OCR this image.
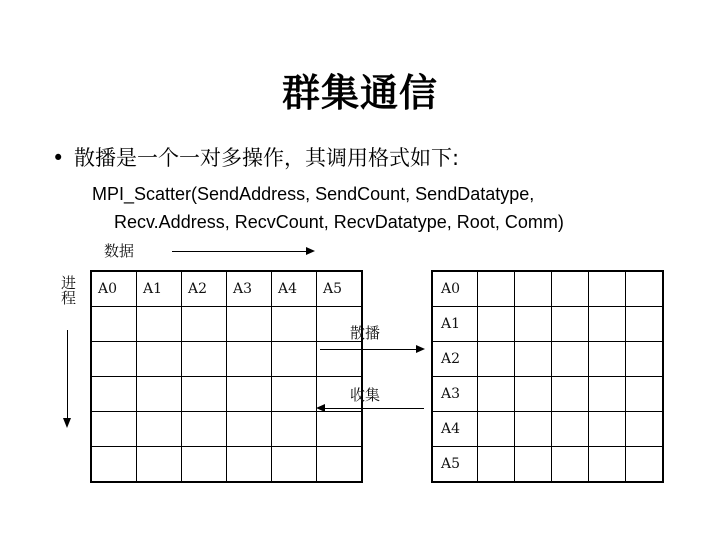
群集通信
• 散播是一个一对多操作，其调用格式如下:
MPI_Scatter(SendAddress, SendCount, SendDatatype,
Recv.Address, RecvCount, RecvDatatype, Root, Comm)
数据
进程 A0	A1	A2	A3	A4	A5

散播
收集
A0					
A1					
A2					
A3					
A4					
A5					
